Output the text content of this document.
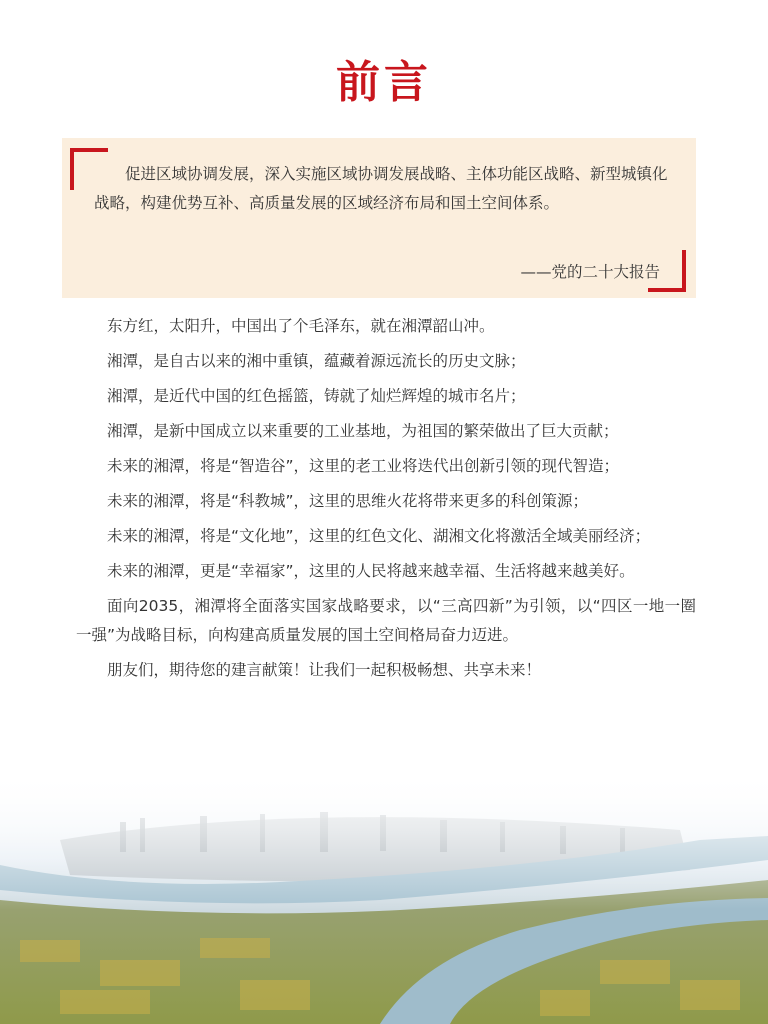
前言

促进区域协调发展，深入实施区域协调发展战略、主体功能区战略、新型城镇化战略，构建优势互补、高质量发展的区域经济布局和国土空间体系。

——党的二十大报告

东方红，太阳升，中国出了个毛泽东，就在湘潭韶山冲。

湘潭，是自古以来的湘中重镇，蕴藏着源远流长的历史文脉；

湘潭，是近代中国的红色摇篮，铸就了灿烂辉煌的城市名片；

湘潭，是新中国成立以来重要的工业基地，为祖国的繁荣做出了巨大贡献；

未来的湘潭，将是“智造谷”，这里的老工业将迭代出创新引领的现代智造；

未来的湘潭，将是“科教城”，这里的思维火花将带来更多的科创策源；

未来的湘潭，将是“文化地”，这里的红色文化、湖湘文化将激活全域美丽经济；

未来的湘潭，更是“幸福家”，这里的人民将越来越幸福、生活将越来越美好。

面向2035，湘潭将全面落实国家战略要求，以“三高四新”为引领，以“四区一地一圈一强”为战略目标，向构建高质量发展的国土空间格局奋力迈进。

朋友们，期待您的建言献策！让我们一起积极畅想、共享未来！
